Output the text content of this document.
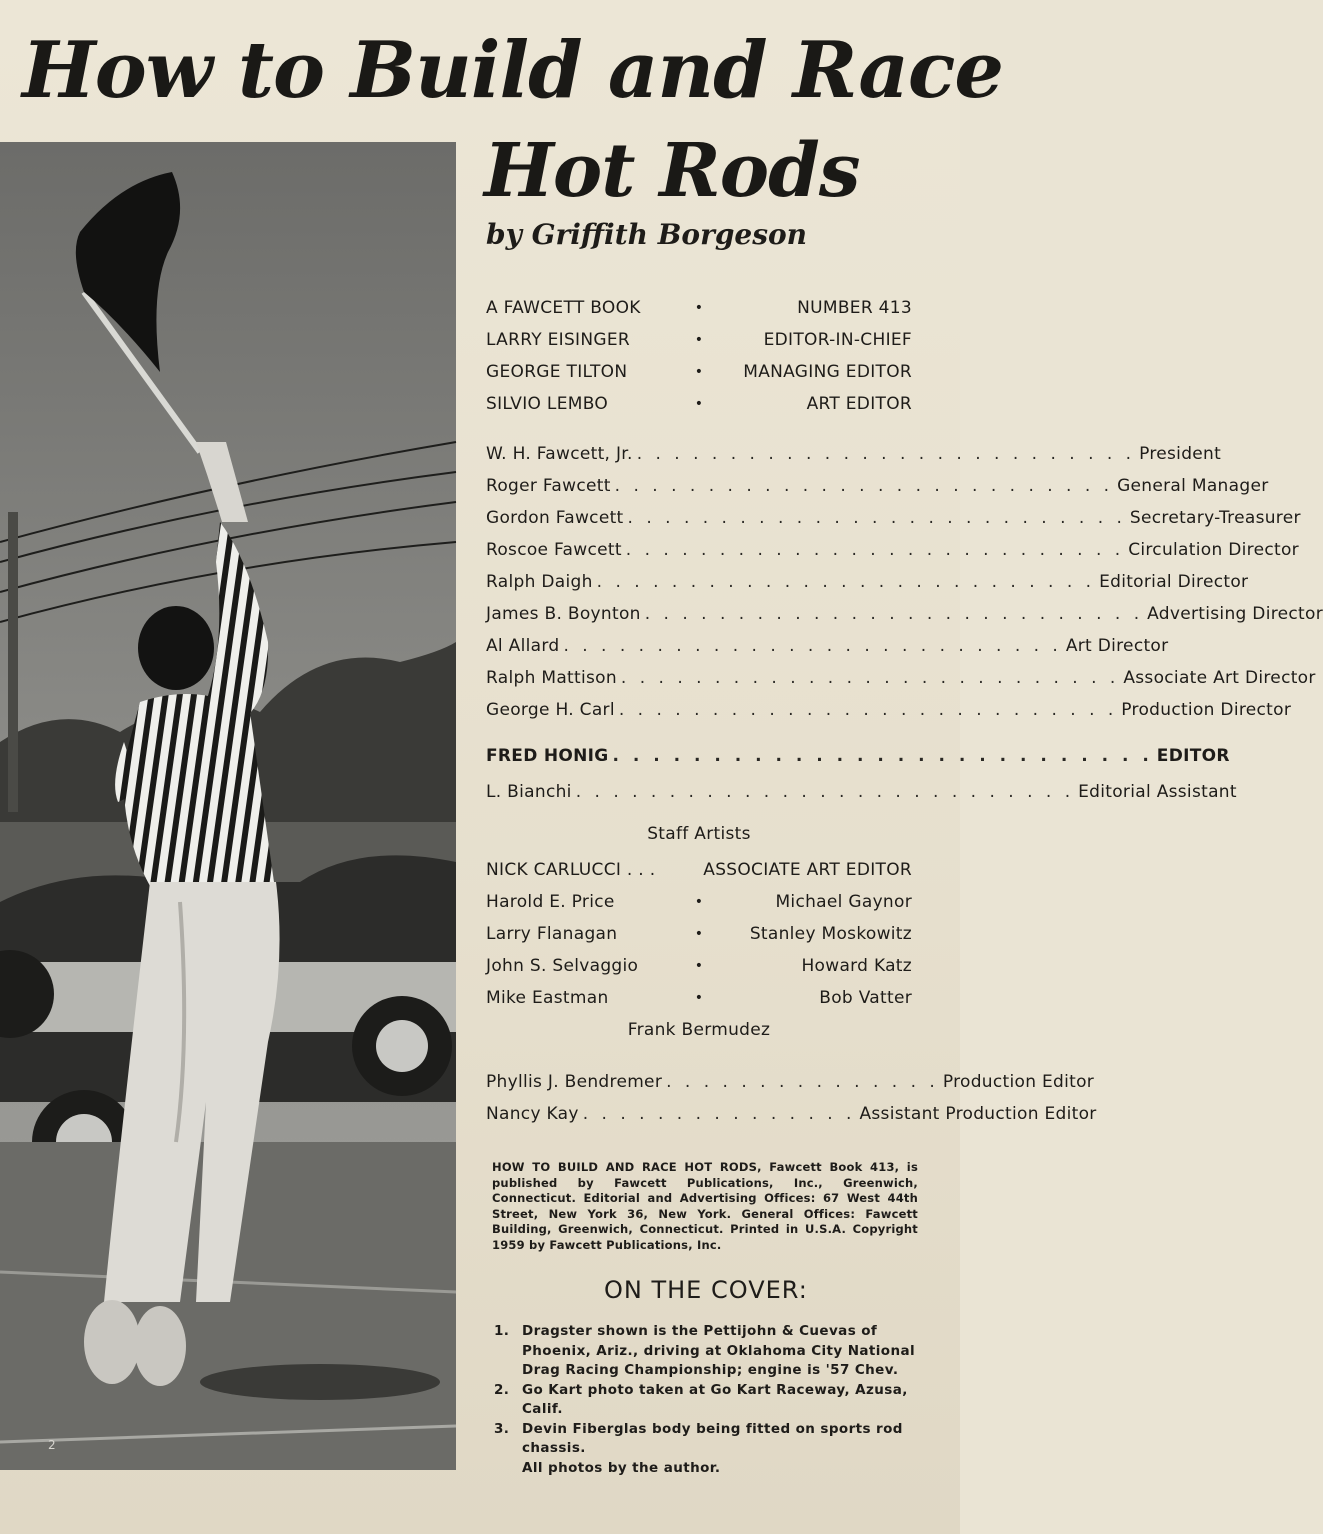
How to Build and Race
Hot Rods
by Griffith Borgeson
2
A FAWCETT BOOK	•	NUMBER 413
LARRY EISINGER	•	EDITOR-IN-CHIEF
GEORGE TILTON	•	MANAGING EDITOR
SILVIO LEMBO	•	ART EDITOR
W. H. Fawcett, Jr. . . . . . . . . . . . . . . . . . . . . . . . . . . . President
Roger Fawcett . . . . . . . . . . . . . . . . . . . . . . . . . . . General Manager
Gordon Fawcett . . . . . . . . . . . . . . . . . . . . . . . . . . . Secretary-Treasurer
Roscoe Fawcett . . . . . . . . . . . . . . . . . . . . . . . . . . . Circulation Director
Ralph Daigh . . . . . . . . . . . . . . . . . . . . . . . . . . . Editorial Director
James B. Boynton . . . . . . . . . . . . . . . . . . . . . . . . . . . Advertising Director
Al Allard . . . . . . . . . . . . . . . . . . . . . . . . . . . Art Director
Ralph Mattison . . . . . . . . . . . . . . . . . . . . . . . . . . . Associate Art Director
George H. Carl . . . . . . . . . . . . . . . . . . . . . . . . . . . Production Director
FRED HONIG . . . . . . . . . . . . . . . . . . . . . . . . . . . EDITOR
L. Bianchi . . . . . . . . . . . . . . . . . . . . . . . . . . . Editorial Assistant
Staff Artists
NICK CARLUCCI . . .	ASSOCIATE ART EDITOR
Harold E. Price	•	Michael Gaynor
Larry Flanagan	•	Stanley Moskowitz
John S. Selvaggio	•	Howard Katz
Mike Eastman	•	Bob Vatter
Frank Bermudez
Phyllis J. Bendremer . . . . . . . . . . . . . . . Production Editor
Nancy Kay . . . . . . . . . . . . . . . Assistant Production Editor
HOW TO BUILD AND RACE HOT RODS, Fawcett Book 413, is published by Fawcett Publications, Inc., Greenwich, Connecticut. Editorial and Advertising Offices: 67 West 44th Street, New York 36, New York. General Offices: Fawcett Building, Greenwich, Connecticut. Printed in U.S.A. Copyright 1959 by Fawcett Publications, Inc.
ON THE COVER:
1. Dragster shown is the Pettijohn & Cuevas of Phoenix, Ariz., driving at Oklahoma City National Drag Racing Championship; engine is '57 Chev.
2. Go Kart photo taken at Go Kart Raceway, Azusa, Calif.
3. Devin Fiberglas body being fitted on sports rod chassis.
All photos by the author.
